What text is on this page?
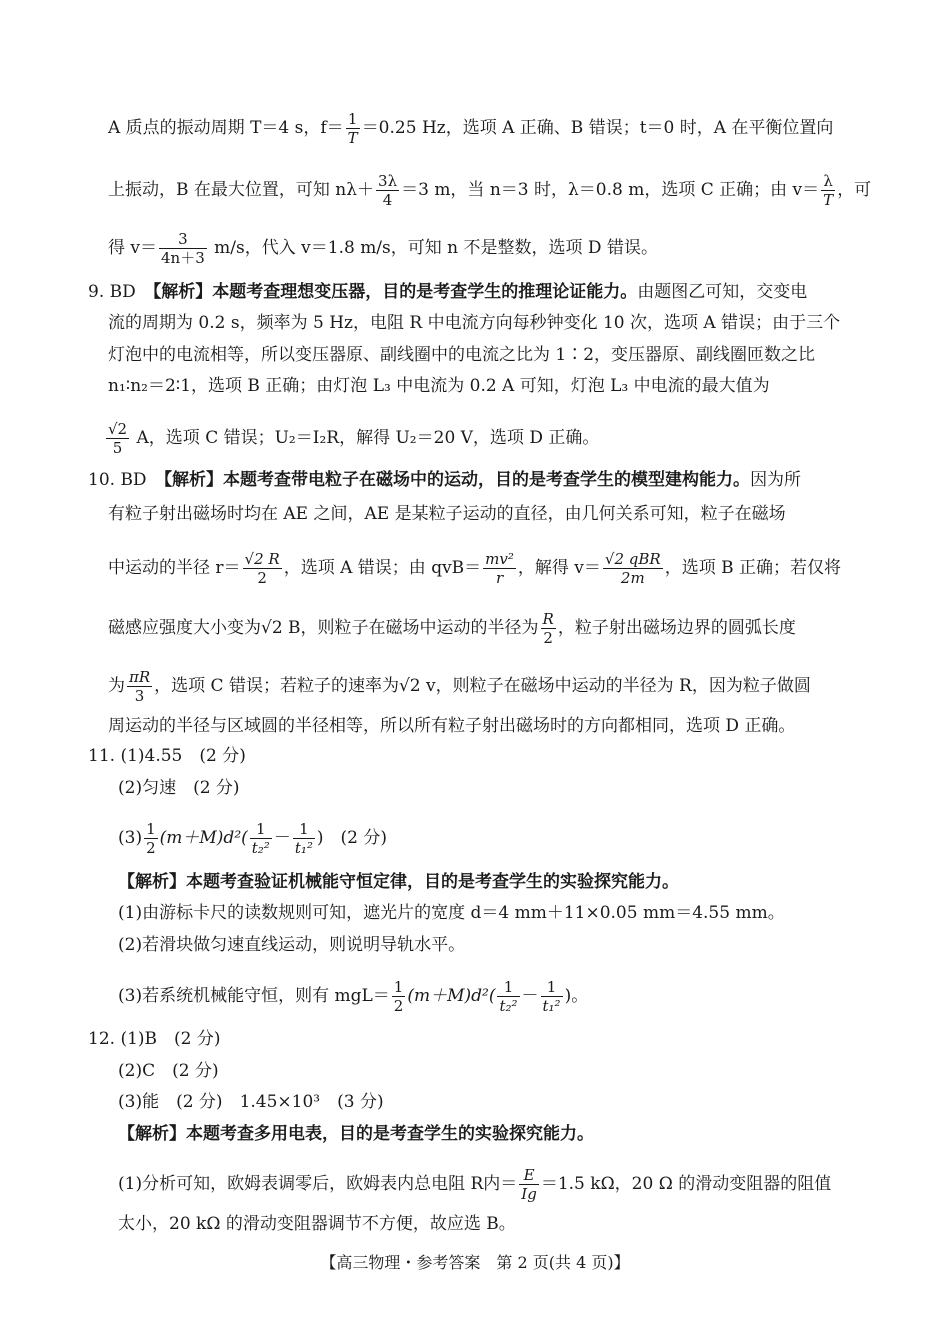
A 质点的振动周期 T＝4 s，$f= \frac{1}{T} =0.25$ Hz，选项 A 正确、B 错误；t＝0 时，A 在平衡位置向
上振动，B 在最大位置，可知 $n\lambda+ \frac{3\lambda}{4} =3$ m，当 n＝3 时，λ＝0.8 m，选项 C 正确；由 $v= \frac{\lambda}{T}$ ，可
得 $v= \frac{3}{4n+3} m/s$，代入 v＝1.8 m/s，可知 n 不是整数，选项 D 错误。
9. BD　 【解析】本题考查理想变压器，目的是考查学生的推理论证能力。由题图乙可知，交变电
流的周期为 0.2 s，频率为 5 Hz，电阻 R 中电流方向每秒钟变化 10 次，选项 A 错误；由于三个
灯泡中的电流相等，所以变压器原、副线圈中的电流之比为 1∶2，变压器原、副线圈匝数之比
n₁∶n₂＝2∶1，选项 B 正确；由灯泡 L₃ 中电流为 0.2 A 可知，灯泡 L₃ 中电流的最大值为
$\frac{√2}{5}$ A，选项 C 错误；U₂＝I₂R，解得 U₂＝20 V，选项 D 正确。
10. BD　 【解析】本题考查带电粒子在磁场中的运动，目的是考查学生的模型建构能力。因为所
有粒子射出磁场时均在 AE 之间，AE 是某粒子运动的直径，由几何关系可知，粒子在磁场
中运动的半径 $r= \frac{√2 R}{2}$ ，选项 A 错误；由 $qvB= \frac{\text{mv²}}{r}$ ，解得 v＝ √2 qBR
2m	，选项 B 正确；若仅将
磁感应强度大小变为√2 B，则粒子在磁场中运动的半径为 $\frac{R}{2}$ ，粒子射出磁场边界的圆弧长度
为 $\frac{\pi R}{3}$ ，选项 C 错误；若粒子的速率为√2 v，则粒子在磁场中运动的半径为 R，因为粒子做圆
周运动的半径与区域圆的半径相等，所以所有粒子射出磁场时的方向都相同，选项 D 正确。
11. (1)4.55　(2 分)
(2)匀速　(2 分)
$(3) \frac{1}{2} (m+M)d^2( \frac{1}{\text{t₂²}} - \frac{1}{\text{t₁²}}$ )　(2 分)
【解析】本题考查验证机械能守恒定律，目的是考查学生的实验探究能力。
(1)由游标卡尺的读数规则可知，遮光片的宽度 d＝4 mm＋11×0.05 mm＝4.55 mm。
(2)若滑块做匀速直线运动，则说明导轨水平。
(3)若系统机械能守恒，则有 $mgL= \frac{1}{2} (m+M)d^2( \frac{1}{\text{t₂²}} - \frac{1}{\text{t₁²}}$ )。
12. (1)B　(2 分)
(2)C　(2 分)
(3)能　(2 分)　1.45×10³　(3 分)
【解析】本题考查多用电表，目的是考查学生的实验探究能力。
(1)分析可知，欧姆表调零后，欧姆表内总电阻 R内＝ $\frac{E}{Ig} =1.5$ kΩ，20 Ω 的滑动变阻器的阻值
太小，20 kΩ 的滑动变阻器调节不方便，故应选 B。
【高三物理・参考答案　第 2 页(共 4 页)】
